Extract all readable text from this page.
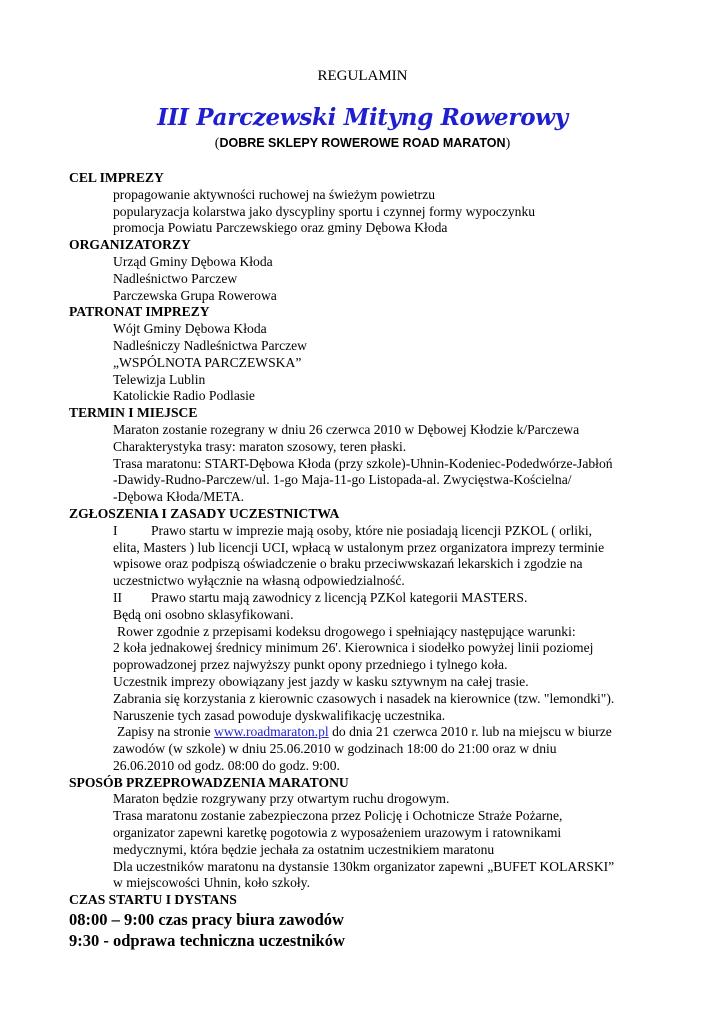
REGULAMIN
III Parczewski Mityng Rowerowy
(DOBRE SKLEPY ROWEROWE ROAD MARATON)
CEL IMPREZY
propagowanie aktywności ruchowej na świeżym powietrzu
popularyzacja kolarstwa jako dyscypliny sportu i czynnej formy wypoczynku
promocja Powiatu Parczewskiego oraz gminy Dębowa Kłoda
ORGANIZATORZY
Urząd Gminy Dębowa Kłoda
Nadleśnictwo Parczew
Parczewska Grupa Rowerowa
PATRONAT IMPREZY
Wójt Gminy Dębowa Kłoda
Nadleśniczy Nadleśnictwa Parczew
„WSPÓLNOTA PARCZEWSKA”
Telewizja Lublin
Katolickie Radio Podlasie
TERMIN I MIEJSCE
Maraton zostanie rozegrany w dniu 26 czerwca 2010 w Dębowej Kłodzie k/Parczewa
Charakterystyka trasy: maraton szosowy, teren płaski.
Trasa maratonu: START-Dębowa Kłoda (przy szkole)-Uhnin-Kodeniec-Podedwórze-Jabłoń
-Dawidy-Rudno-Parczew/ul. 1-go Maja-11-go Listopada-al. Zwycięstwa-Kościelna/
-Dębowa Kłoda/META.
ZGŁOSZENIA I ZASADY UCZESTNICTWA
I Prawo startu w imprezie mają osoby, które nie posiadają licencji PZKOL ( orliki,
elita, Masters ) lub licencji UCI, wpłacą w ustalonym przez organizatora imprezy terminie
wpisowe oraz podpiszą oświadczenie o braku przeciwwskazań lekarskich i zgodzie na
uczestnictwo wyłącznie na własną odpowiedzialność.
II Prawo startu mają zawodnicy z licencją PZKol kategorii MASTERS.
Będą oni osobno sklasyfikowani.
Rower zgodnie z przepisami kodeksu drogowego i spełniający następujące warunki:
2 koła jednakowej średnicy minimum 26'. Kierownica i siodełko powyżej linii poziomej
poprowadzonej przez najwyższy punkt opony przedniego i tylnego koła.
Uczestnik imprezy obowiązany jest jazdy w kasku sztywnym na całej trasie.
Zabrania się korzystania z kierownic czasowych i nasadek na kierownice (tzw. "lemondki").
Naruszenie tych zasad powoduje dyskwalifikację uczestnika.
Zapisy na stronie www.roadmaraton.pl do dnia 21 czerwca 2010 r. lub na miejscu w biurze
zawodów (w szkole) w dniu 25.06.2010 w godzinach 18:00 do 21:00 oraz w dniu
26.06.2010 od godz. 08:00 do godz. 9:00.
SPOSÓB PRZEPROWADZENIA MARATONU
Maraton będzie rozgrywany przy otwartym ruchu drogowym.
Trasa maratonu zostanie zabezpieczona przez Policję i Ochotnicze Straże Pożarne,
organizator zapewni karetkę pogotowia z wyposażeniem urazowym i ratownikami
medycznymi, która będzie jechała za ostatnim uczestnikiem maratonu
Dla uczestników maratonu na dystansie 130km organizator zapewni „BUFET KOLARSKI”
w miejscowości Uhnin, koło szkoły.
CZAS STARTU I DYSTANS
08:00 – 9:00 czas pracy biura zawodów
9:30 - odprawa techniczna uczestników
